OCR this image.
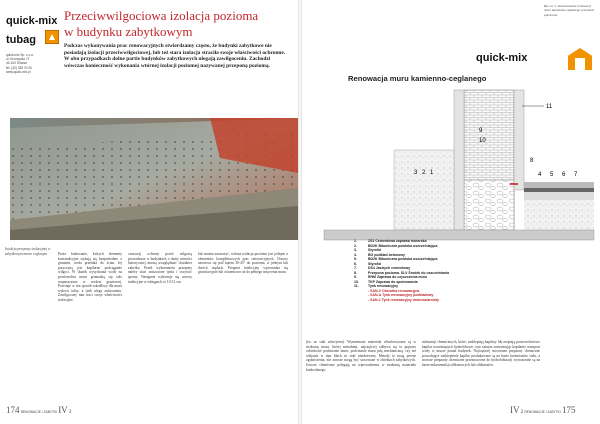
quick-mix
tubag
quick-mix Sp. z o.o.
ul. Kroczycka 71
44-100 Gliwice
tel. (32) 335 70 00
www.quick-mix.pl
Przeciwwilgociowa izolacja pozioma
w budynku zabytkowym
Podczas wykonywania prac renowacyjnych stwierdzamy często, że budynki zabytkowe nie posiadają izolacji przeciwwilgociowej, lub też stara izolacja straciła swoje właściwości ochronne. W obu przypadkach dolne partie budynków zabytkowych ulegają zawilgoceniu. Zachodzi wówczas konieczność wykonania wtórnej izolacji poziomej nazywanej przeponą poziomą.
Iniekcja przepony izolacyjnej w zabytkowym murze ceglanym	Przez budowanie, których elementy konstrukcyjne stykają się bezpośrednio z gruntem, woda przenika do ścian. Jej przyczyną jest kapilarne podciąganie wilgoci. W skutek wysychania wody na powierzchni muru gromadzą się sole rozpuszczone w wodzie gruntowej. Powstaje w ten sposób szkodliwy dla muru wykwit solny, a tynk ulega zniszczeniu. Zawilgocony mur traci swoje właściwości izolacyjne.
czasowej ochrony przed wilgocią prowadzone w budynkach o dużej wartości historycznej muszą uwzględniać charakter zabytku. Przed wykonaniem przepony należy skuć zniszczone tynki i oczyścić spoiny. Następnie wykonuje się otwory iniekcyjne w odstępach co 10-12 cm.
Jak można zauważyć, wtórna izolacja pozioma jest jednym z elementów kompleksowych prac renowacyjnych. Otwory nawierca się pod kątem 30-45° do poziomu, w jednym lub dwóch rzędach. Preparat iniekcyjny wprowadza się grawitacyjnie lub ciśnieniowo aż do pełnego nasycenia muru.
174 RENOWACJE I ZABYTKI IV 2
Rys. nr 1. Zastosowanie renowacji muru kamienno-ceglanego systemem quick-mix
quick-mix
Renowacja muru kamienno-ceglanego
11
9
10
8
3 2 1	4 5 6 7
1.	ZS1 Cementowa zaprawa murarska
2.	BD2K Bitumiczna powłoka uszczelniająca
3.	Styrofol
4.	BG podkład betonowy
5.	BD2K Bitumiczna powłoka uszczelniająca
6.	Styrofol
7.	DS4 Jastrych cementowy
8.	Przepona pozioma. SLV Środek do uszczelniania
9.	RHM Zaprawa do czyszczenia muru
10.	TKP Zaprawa do spoinowania
11.	Tynk renowacyjny
- SAN-V Obrzutka renowacyjna
- SAN-A Tynk renowacyjny podkładowy
- SAN-1 Tynk renowacyjny drobnoziarnisty
(tw. ze stali uchwytem). Wymienione materiały wbudowywane są w strukturę muru, której metodami, najczęściej odbywa się to poprzez odcinkowe podcinanie muru, podcinanie muru piłą mechaniczną, czy też wbijanie w mur blach ze stali nierdzewnej. Metody te mają pewne ograniczenia, nie zawsze mogą być stosowane w obiektach zabytkowych. Jeszcze chemiczne polegają na wprowadzeniu w strukturę materiału budowlanego
substancji chemicznych, które, zasklepiają kapilary lub zwężają powierzchniowo kapilar rozrośniętych hydrofobowe, tym samym zatrzymując kapilarny transport wody w murze ponad budynek. Najczęściej stosowane preparaty chemiczne powodujące zasklepienie kapilar produkowane są na bazie krzemianów sodu, a nowsze preparaty chemiczne przeznaczone do hydrofobizacji wytwarzane są na bazie mikroemulsji silikonowych lub silikonatów.
IV 2 RENOWACJE I ZABYTKI 175
